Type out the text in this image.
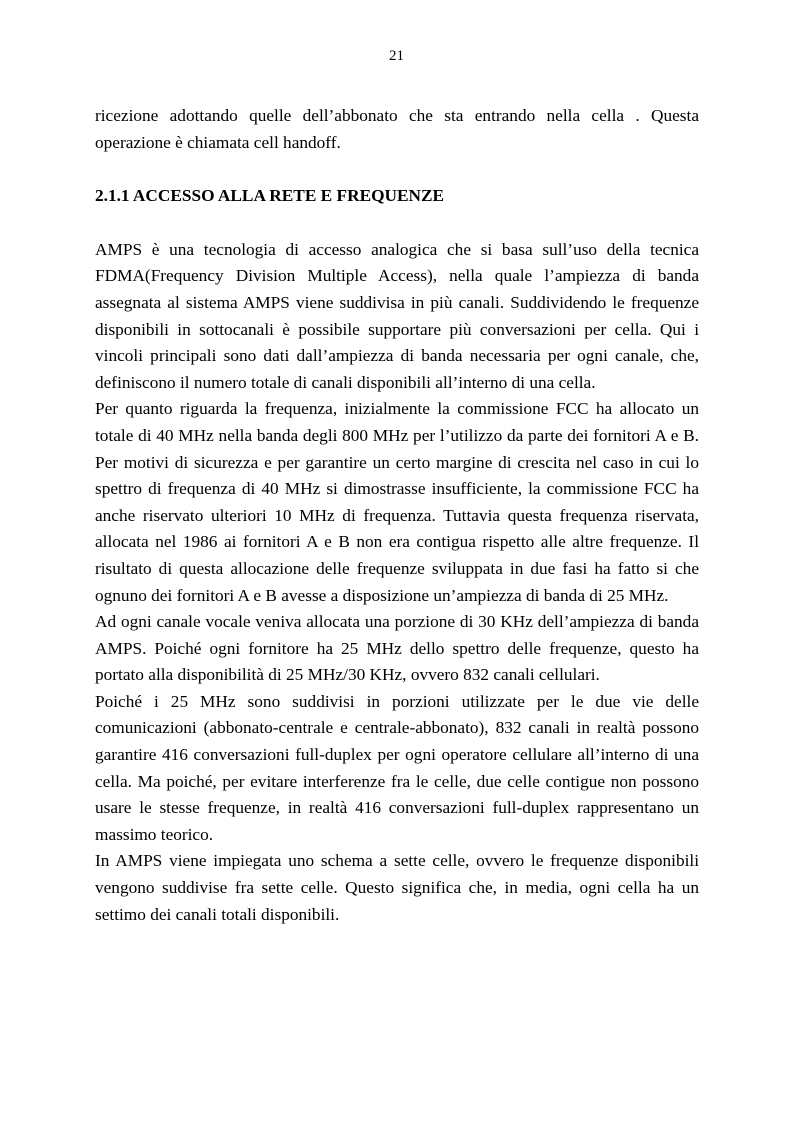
21

ricezione adottando quelle dell’abbonato che sta entrando nella cella . Questa operazione è chiamata cell handoff.

2.1.1 ACCESSO ALLA RETE E FREQUENZE

AMPS è una tecnologia di accesso analogica che si basa sull’uso della tecnica FDMA(Frequency Division Multiple Access), nella quale l’ampiezza di banda assegnata al sistema AMPS viene suddivisa in più canali. Suddividendo le frequenze disponibili in sottocanali è possibile supportare più conversazioni per cella. Qui i vincoli principali sono dati dall’ampiezza di banda necessaria per ogni canale, che, definiscono il numero totale di canali disponibili all’interno di una cella.

Per quanto riguarda la frequenza, inizialmente la commissione FCC ha allocato un totale di 40 MHz nella banda degli 800 MHz per l’utilizzo da parte dei fornitori A e B. Per motivi di sicurezza e per garantire un certo margine di crescita nel caso in cui lo spettro di frequenza di 40 MHz si dimostrasse insufficiente, la commissione FCC ha anche riservato ulteriori 10 MHz di frequenza. Tuttavia questa frequenza riservata, allocata nel 1986 ai fornitori A e B non era contigua rispetto alle altre frequenze. Il risultato di questa allocazione delle frequenze sviluppata in due fasi ha fatto si che ognuno dei fornitori A e B avesse a disposizione un’ampiezza di banda di 25 MHz.

Ad ogni canale vocale veniva allocata una porzione di 30 KHz dell’ampiezza di banda AMPS. Poiché ogni fornitore ha 25 MHz dello spettro delle frequenze, questo ha portato alla disponibilità di 25 MHz/30 KHz, ovvero 832 canali cellulari.

Poiché i 25 MHz sono suddivisi in porzioni utilizzate per le due vie delle comunicazioni (abbonato-centrale e centrale-abbonato), 832 canali in realtà possono garantire 416 conversazioni full-duplex per ogni operatore cellulare all’interno di una cella. Ma poiché, per evitare interferenze fra le celle, due celle contigue non possono usare le stesse frequenze, in realtà 416 conversazioni full-duplex rappresentano un massimo teorico.

In AMPS viene impiegata uno schema a sette celle, ovvero le frequenze disponibili vengono suddivise fra sette celle. Questo significa che, in media, ogni cella ha un settimo dei canali totali disponibili.
